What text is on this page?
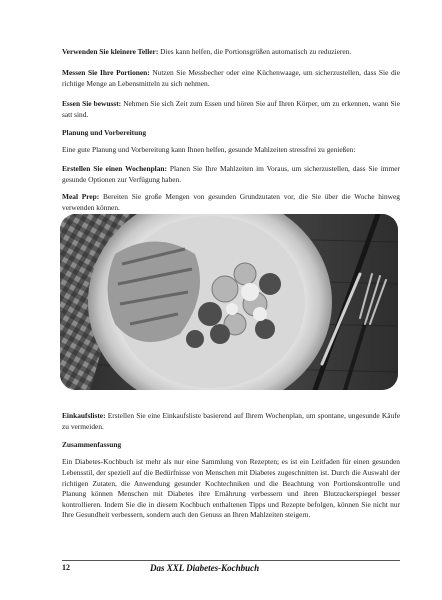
Verwenden Sie kleinere Teller: Dies kann helfen, die Portionsgrößen automatisch zu reduzieren.

Messen Sie Ihre Portionen: Nutzen Sie Messbecher oder eine Küchenwaage, um sicherzustellen, dass Sie die richtige Menge an Lebensmitteln zu sich nehmen.

Essen Sie bewusst: Nehmen Sie sich Zeit zum Essen und hören Sie auf Ihren Körper, um zu erkennen, wann Sie satt sind.

Planung und Vorbereitung

Eine gute Planung und Vorbereitung kann Ihnen helfen, gesunde Mahlzeiten stressfrei zu genießen:

Erstellen Sie einen Wochenplan: Planen Sie Ihre Mahlzeiten im Voraus, um sicherzustellen, dass Sie immer gesunde Optionen zur Verfügung haben.

Meal Prep: Bereiten Sie große Mengen von gesunden Grundzutaten vor, die Sie über die Woche hinweg verwenden können.

Einkaufsliste: Erstellen Sie eine Einkaufsliste basierend auf Ihrem Wochenplan, um spontane, ungesunde Käufe zu vermeiden.

Zusammenfassung

Ein Diabetes-Kochbuch ist mehr als nur eine Sammlung von Rezepten; es ist ein Leitfaden für einen gesunden Lebensstil, der speziell auf die Bedürfnisse von Menschen mit Diabetes zugeschnitten ist. Durch die Auswahl der richtigen Zutaten, die Anwendung gesunder Kochtechniken und die Beachtung von Portionskontrolle und Planung können Menschen mit Diabetes ihre Ernährung verbessern und ihren Blutzuckerspiegel besser kontrollieren. Indem Sie die in diesem Kochbuch enthaltenen Tipps und Rezepte befolgen, können Sie nicht nur Ihre Gesundheit verbessern, sondern auch den Genuss an Ihren Mahlzeiten steigern.

12	Das XXL Diabetes-Kochbuch
